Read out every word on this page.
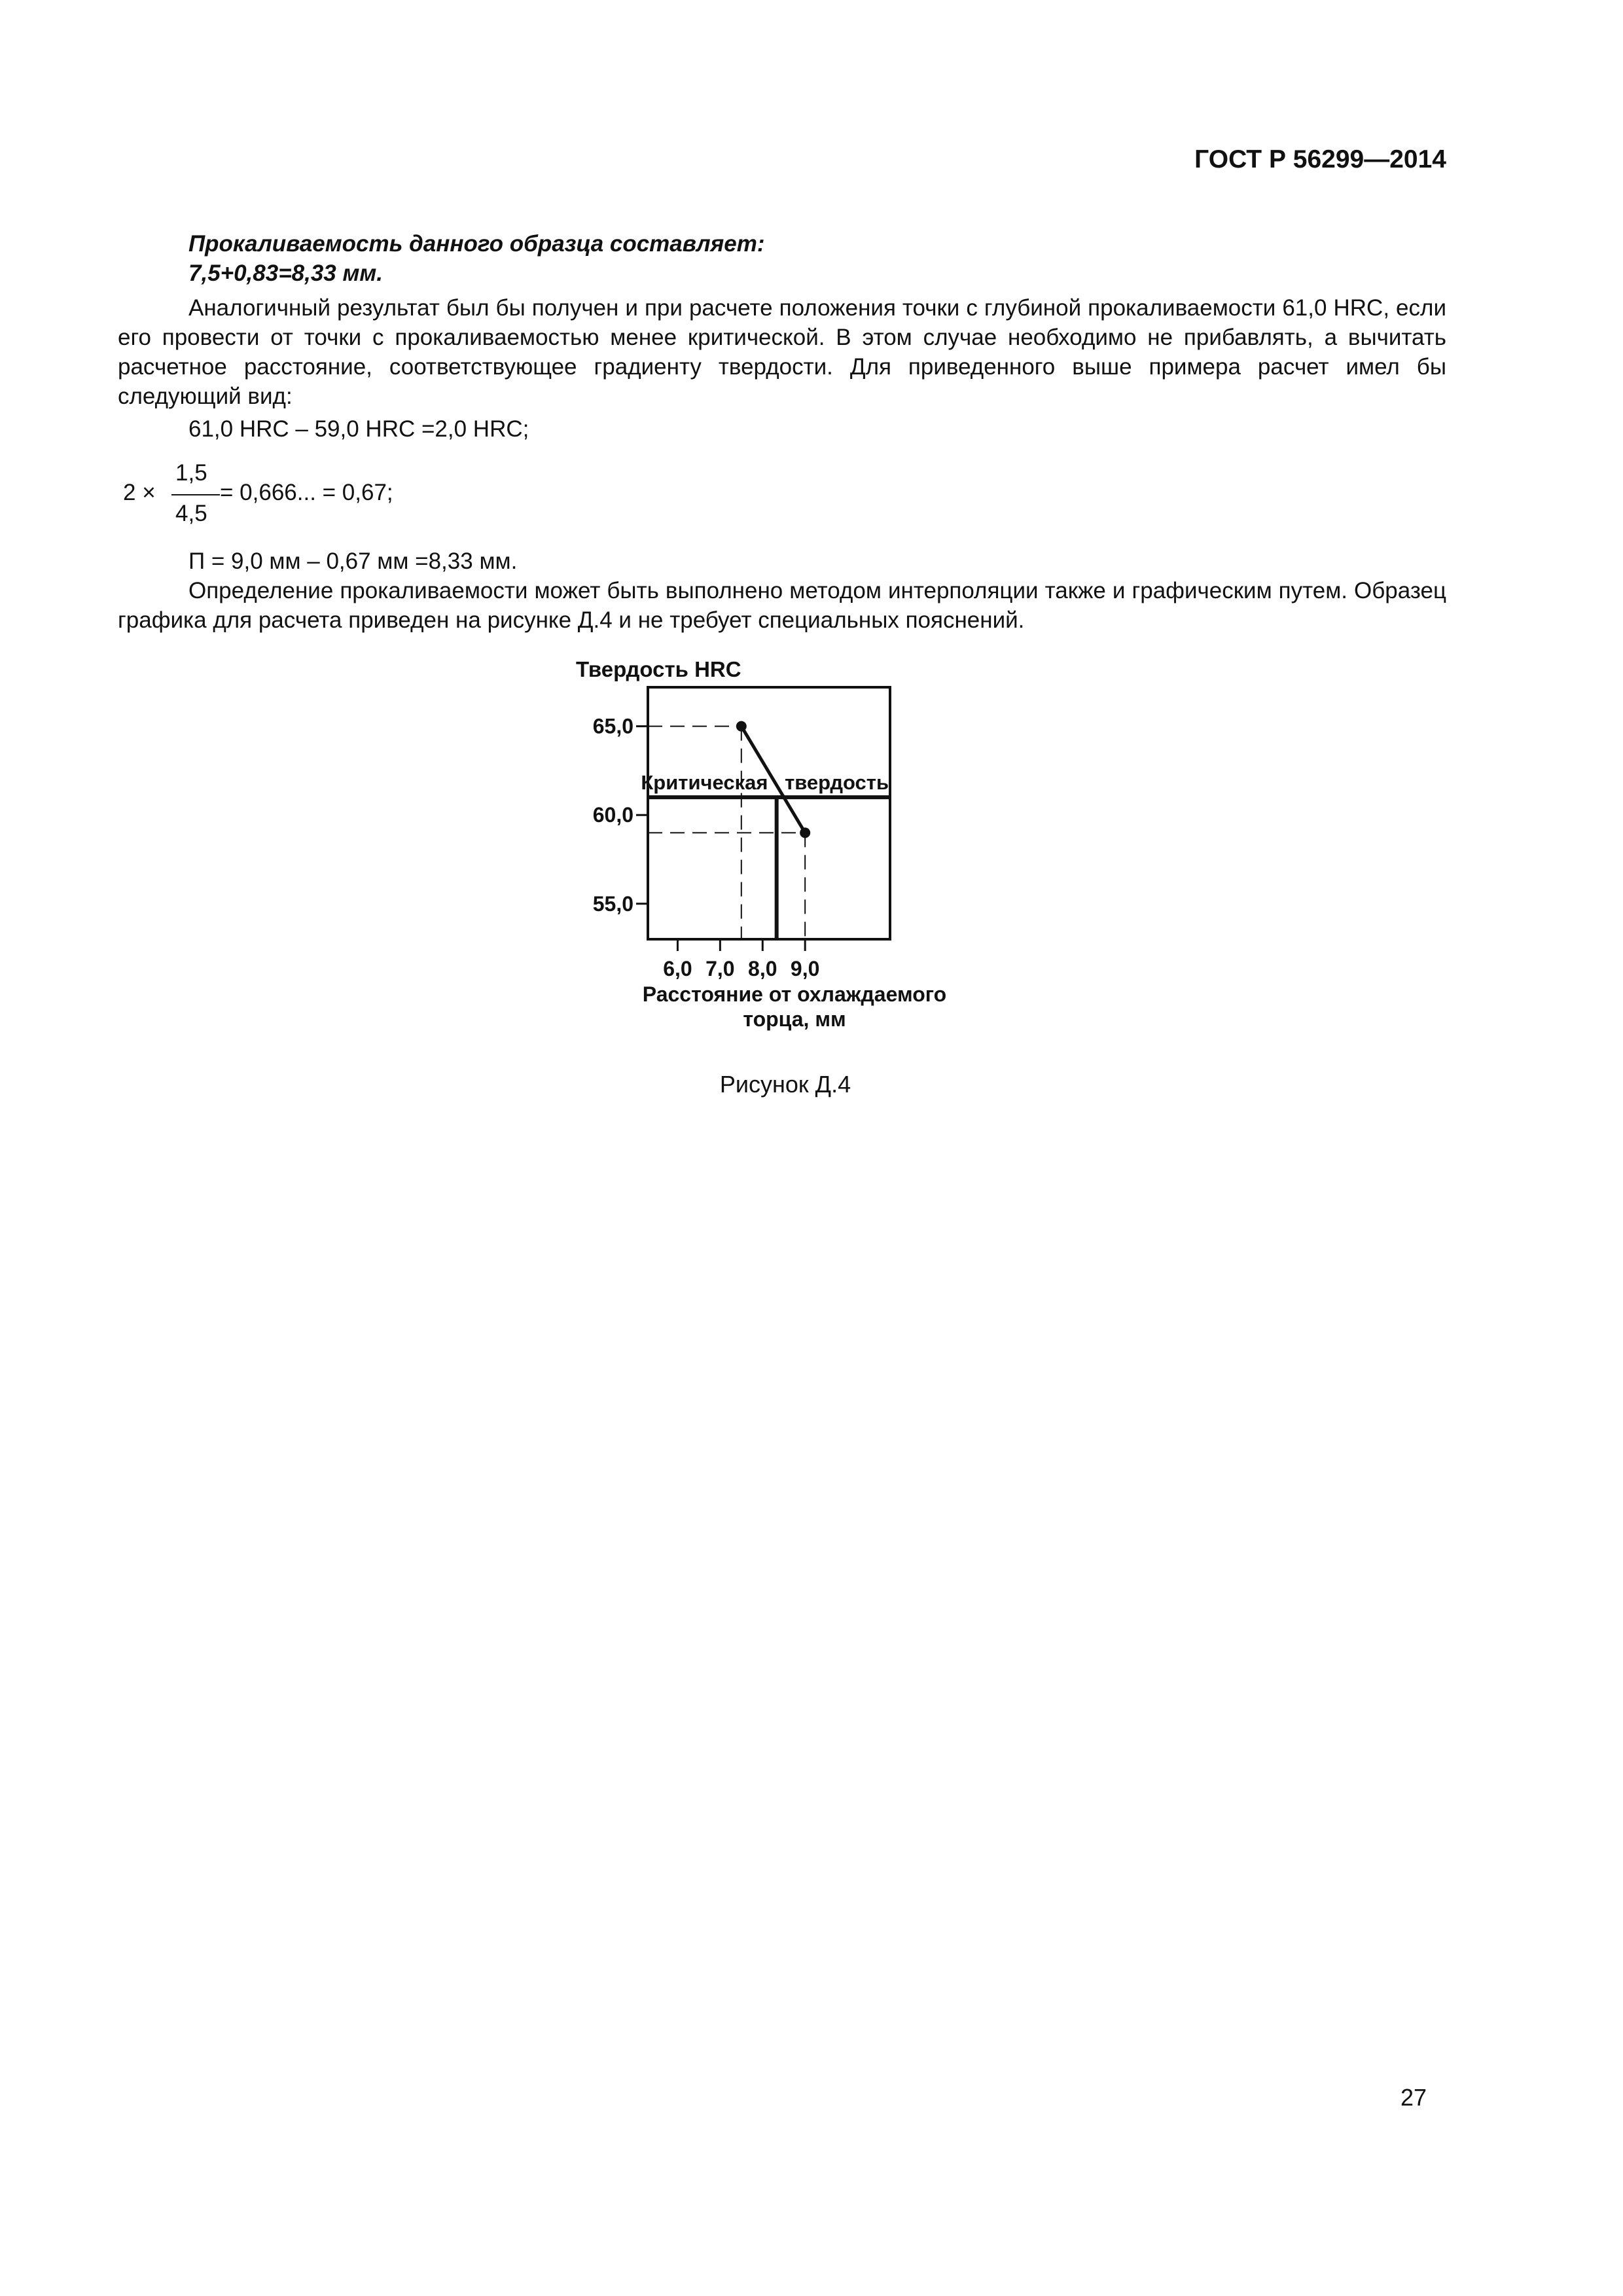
ГОСТ Р 56299—2014
Прокаливаемость данного образца составляет:
7,5+0,83=8,33 мм.
Аналогичный результат был бы получен и при расчете положения точки с глубиной прокаливаемости 61,0 HRC, если его провести от точки с прокаливаемостью менее критической. В этом случае необходимо не прибавлять, а вычитать расчетное расстояние, соответствующее градиенту твердости. Для приведенного выше примера расчет имел бы следующий вид:
61,0 HRC – 59,0 HRC =2,0 HRC;
2 ×
1,5
4,5
= 0,666... = 0,67;
П = 9,0 мм – 0,67 мм =8,33 мм.
Определение прокаливаемости может быть выполнено методом интерполяции также и графическим путем. Образец графика для расчета приведен на рисунке Д.4 и не требует специальных пояснений.
Твердость HRC
65,0
60,0
55,0
6,0 7,0 8,0 9,0
Критическая твердость
Расстояние от охлаждаемого
торца, мм
Рисунок Д.4
27
